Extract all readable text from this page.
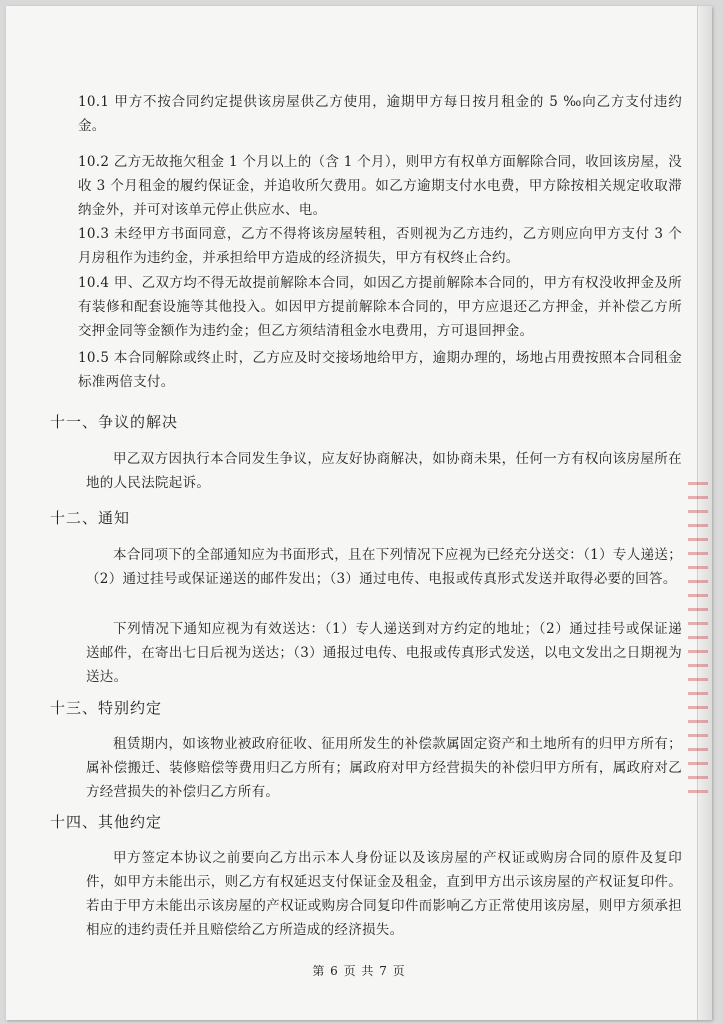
10.1 甲方不按合同约定提供该房屋供乙方使用，逾期甲方每日按月租金的 5 ‰向乙方支付违约金。

10.2 乙方无故拖欠租金 1 个月以上的（含 1 个月），则甲方有权单方面解除合同，收回该房屋，没收 3 个月租金的履约保证金，并追收所欠费用。如乙方逾期支付水电费，甲方除按相关规定收取滞纳金外，并可对该单元停止供应水、电。

10.3 未经甲方书面同意，乙方不得将该房屋转租，否则视为乙方违约，乙方则应向甲方支付 3 个月房租作为违约金，并承担给甲方造成的经济损失，甲方有权终止合约。

10.4 甲、乙双方均不得无故提前解除本合同，如因乙方提前解除本合同的，甲方有权没收押金及所有装修和配套设施等其他投入。如因甲方提前解除本合同的，甲方应退还乙方押金，并补偿乙方所交押金同等金额作为违约金；但乙方须结清租金水电费用，方可退回押金。

10.5 本合同解除或终止时，乙方应及时交接场地给甲方，逾期办理的，场地占用费按照本合同租金标准两倍支付。

十一、争议的解决

甲乙双方因执行本合同发生争议，应友好协商解决，如协商未果，任何一方有权向该房屋所在地的人民法院起诉。

十二、通知

本合同项下的全部通知应为书面形式，且在下列情况下应视为已经充分送交：（1）专人递送；（2）通过挂号或保证递送的邮件发出；（3）通过电传、电报或传真形式发送并取得必要的回答。

下列情况下通知应视为有效送达：（1）专人递送到对方约定的地址；（2）通过挂号或保证递送邮件，在寄出七日后视为送达；（3）通报过电传、电报或传真形式发送，以电文发出之日期视为送达。

十三、特别约定

租赁期内，如该物业被政府征收、征用所发生的补偿款属固定资产和土地所有的归甲方所有；属补偿搬迁、装修赔偿等费用归乙方所有；属政府对甲方经营损失的补偿归甲方所有，属政府对乙方经营损失的补偿归乙方所有。

十四、其他约定

甲方签定本协议之前要向乙方出示本人身份证以及该房屋的产权证或购房合同的原件及复印件，如甲方未能出示，则乙方有权延迟支付保证金及租金，直到甲方出示该房屋的产权证复印件。若由于甲方未能出示该房屋的产权证或购房合同复印件而影响乙方正常使用该房屋，则甲方须承担相应的违约责任并且赔偿给乙方所造成的经济损失。

第 6 页 共 7 页
